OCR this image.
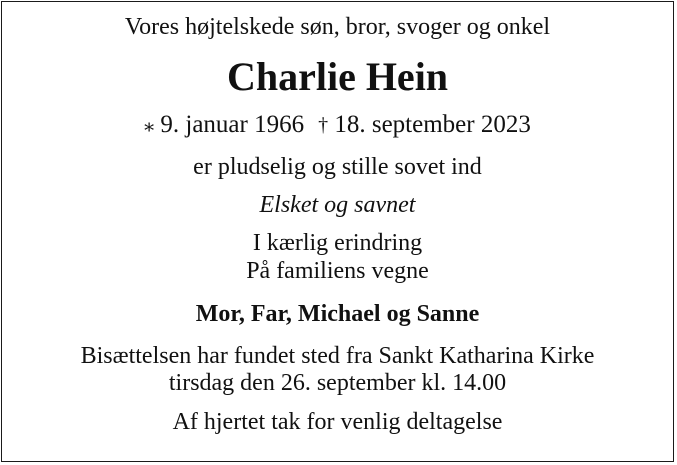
Vores højtelskede søn, bror, svoger og onkel
Charlie Hein
⁎ 9. januar 1966 † 18. september 2023
er pludselig og stille sovet ind
Elsket og savnet
I kærlig erindring
På familiens vegne
Mor, Far, Michael og Sanne
Bisættelsen har fundet sted fra Sankt Katharina Kirke
tirsdag den 26. september kl. 14.00
Af hjertet tak for venlig deltagelse
